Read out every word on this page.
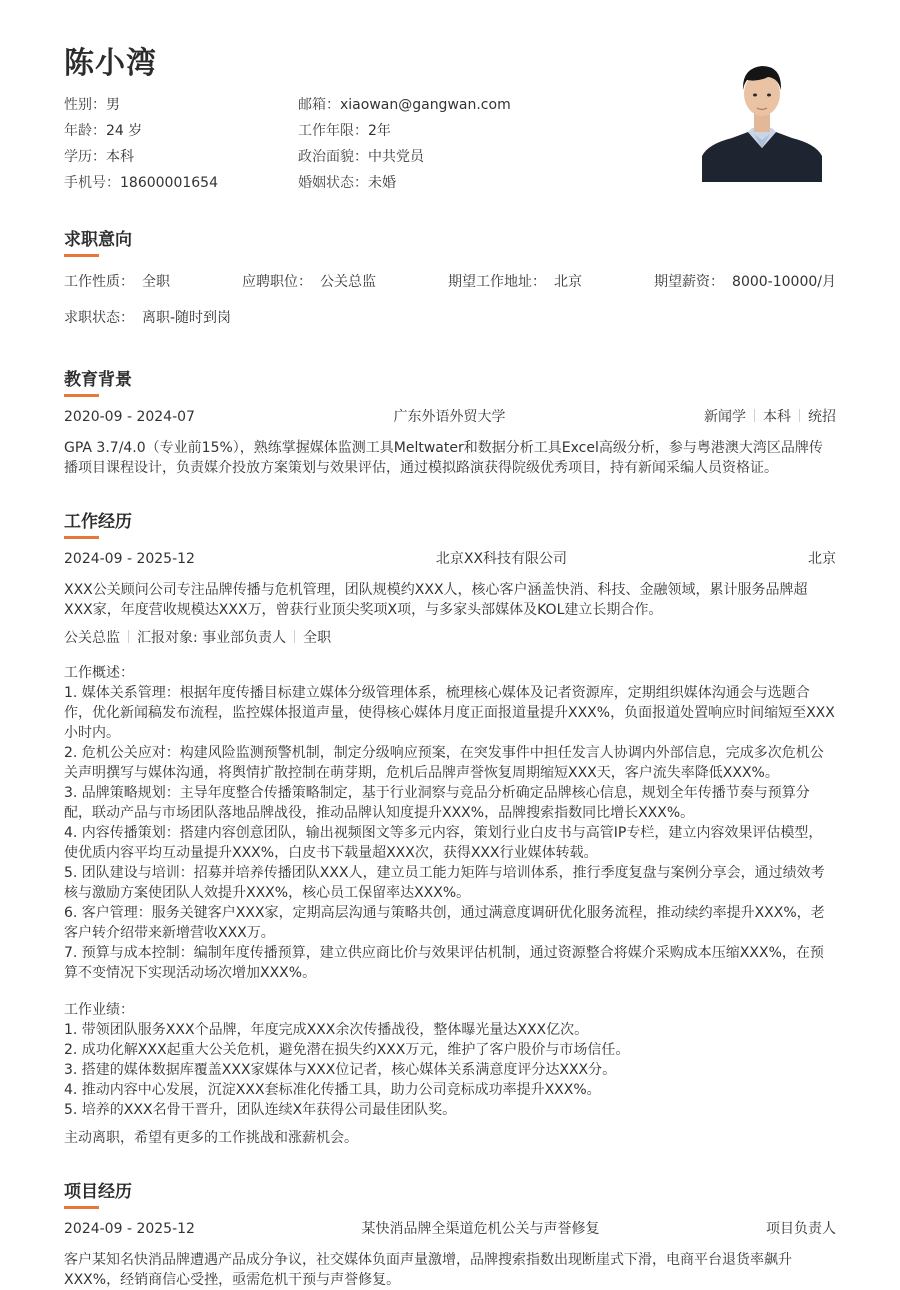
陈小湾
性别：男	邮箱：xiaowan@gangwan.com
年龄：24 岁	工作年限：2年
学历：本科	政治面貌：中共党员
手机号：18600001654	婚姻状态：未婚
求职意向
工作性质： 全职	应聘职位： 公关总监	期望工作地址： 北京	期望薪资： 8000-10000/月
求职状态： 离职-随时到岗
教育背景
2020-09 - 2024-07	广东外语外贸大学	新闻学 本科 统招
GPA 3.7/4.0（专业前15%），熟练掌握媒体监测工具Meltwater和数据分析工具Excel高级分析，参与粤港澳大湾区品牌传播项目课程设计，负责媒介投放方案策划与效果评估，通过模拟路演获得院级优秀项目，持有新闻采编人员资格证。
工作经历
2024-09 - 2025-12	北京XX科技有限公司	北京
XXX公关顾问公司专注品牌传播与危机管理，团队规模约XXX人，核心客户涵盖快消、科技、金融领域，累计服务品牌超XXX家，年度营收规模达XXX万，曾获行业顶尖奖项X项，与多家头部媒体及KOL建立长期合作。
公关总监 汇报对象: 事业部负责人 全职
工作概述：
1. 媒体关系管理：根据年度传播目标建立媒体分级管理体系，梳理核心媒体及记者资源库，定期组织媒体沟通会与选题合作，优化新闻稿发布流程，监控媒体报道声量，使得核心媒体月度正面报道量提升XXX%，负面报道处置响应时间缩短至XXX小时内。
2. 危机公关应对：构建风险监测预警机制，制定分级响应预案，在突发事件中担任发言人协调内外部信息，完成多次危机公关声明撰写与媒体沟通，将舆情扩散控制在萌芽期，危机后品牌声誉恢复周期缩短XXX天，客户流失率降低XXX%。
3. 品牌策略规划：主导年度整合传播策略制定，基于行业洞察与竞品分析确定品牌核心信息，规划全年传播节奏与预算分配，联动产品与市场团队落地品牌战役，推动品牌认知度提升XXX%，品牌搜索指数同比增长XXX%。
4. 内容传播策划：搭建内容创意团队，输出视频图文等多元内容，策划行业白皮书与高管IP专栏，建立内容效果评估模型，使优质内容平均互动量提升XXX%，白皮书下载量超XXX次，获得XXX行业媒体转载。
5. 团队建设与培训：招募并培养传播团队XXX人，建立员工能力矩阵与培训体系，推行季度复盘与案例分享会，通过绩效考核与激励方案使团队人效提升XXX%，核心员工保留率达XXX%。
6. 客户管理：服务关键客户XXX家，定期高层沟通与策略共创，通过满意度调研优化服务流程，推动续约率提升XXX%，老客户转介绍带来新增营收XXX万。
7. 预算与成本控制：编制年度传播预算，建立供应商比价与效果评估机制，通过资源整合将媒介采购成本压缩XXX%，在预算不变情况下实现活动场次增加XXX%。
工作业绩：
1. 带领团队服务XXX个品牌，年度完成XXX余次传播战役，整体曝光量达XXX亿次。
2. 成功化解XXX起重大公关危机，避免潜在损失约XXX万元，维护了客户股价与市场信任。
3. 搭建的媒体数据库覆盖XXX家媒体与XXX位记者，核心媒体关系满意度评分达XXX分。
4. 推动内容中心发展，沉淀XXX套标准化传播工具，助力公司竞标成功率提升XXX%。
5. 培养的XXX名骨干晋升，团队连续X年获得公司最佳团队奖。
主动离职，希望有更多的工作挑战和涨薪机会。
项目经历
2024-09 - 2025-12	某快消品牌全渠道危机公关与声誉修复	项目负责人
客户某知名快消品牌遭遇产品成分争议，社交媒体负面声量激增，品牌搜索指数出现断崖式下滑，电商平台退货率飙升XXX%，经销商信心受挫，亟需危机干预与声誉修复。
